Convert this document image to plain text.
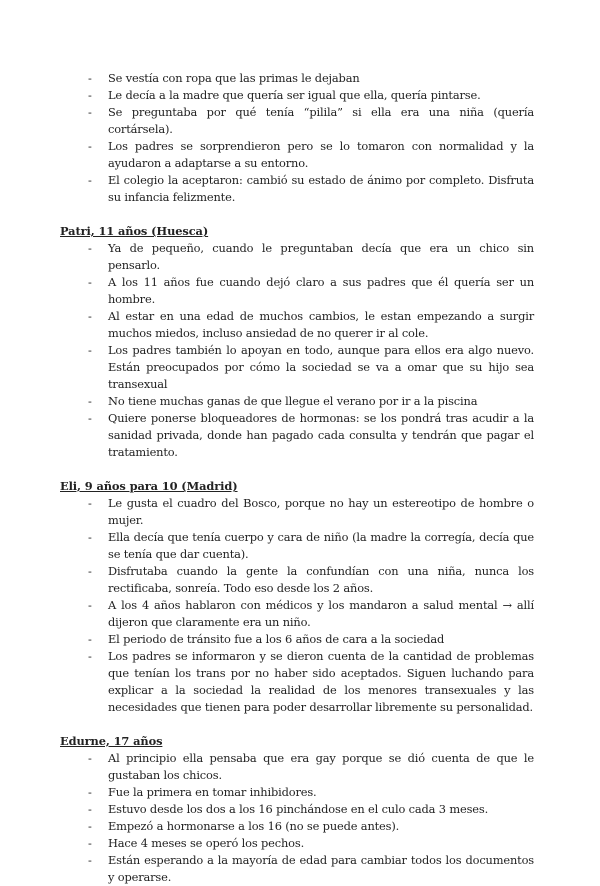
-	Se vestía con ropa que las primas le dejaban
-	Le decía a la madre que quería ser igual que ella, quería pintarse.
-	Se preguntaba por qué tenía “pilila” si ella era una niña (quería cortársela).
-	Los padres se sorprendieron pero se lo tomaron con normalidad y la ayudaron a adaptarse a su entorno.
-	El colegio la aceptaron: cambió su estado de ánimo por completo. Disfruta su infancia felizmente.

Patri, 11 años (Huesca)

-	Ya de pequeño, cuando le preguntaban decía que era un chico sin pensarlo.
-	A los 11 años fue cuando dejó claro a sus padres que él quería ser un hombre.
-	Al estar en una edad de muchos cambios, le estan empezando a surgir muchos miedos, incluso ansiedad de no querer ir al cole.
-	Los padres también lo apoyan en todo, aunque para ellos era algo nuevo. Están preocupados por cómo la sociedad se va a omar que su hijo sea transexual
-	No tiene muchas ganas de que llegue el verano por ir a la piscina
-	Quiere ponerse bloqueadores de hormonas: se los pondrá tras acudir a la sanidad privada, donde han pagado cada consulta y tendrán que pagar el tratamiento.

Eli, 9 años para 10 (Madrid)

-	Le gusta el cuadro del Bosco, porque no hay un estereotipo de hombre o mujer.
-	Ella decía que tenía cuerpo y cara de niño (la madre la corregía, decía que se tenía que dar cuenta).
-	Disfrutaba cuando la gente la confundían con una niña, nunca los rectificaba, sonreía. Todo eso desde los 2 años.
-	A los 4 años hablaron con médicos y los mandaron a salud mental → allí dijeron que claramente era un niño.
-	El periodo de tránsito fue a los 6 años de cara a la sociedad
-	Los padres se informaron y se dieron cuenta de la cantidad de problemas que tenían los trans por no haber sido aceptados. Siguen luchando para explicar a la sociedad la realidad de los menores transexuales y las necesidades que tienen para poder desarrollar libremente su personalidad.

Edurne, 17 años

-	Al principio ella pensaba que era gay porque se dió cuenta de que le gustaban los chicos.
-	Fue la primera en tomar inhibidores.
-	Estuvo desde los dos a los 16 pinchándose en el culo cada 3 meses.
-	Empezó a hormonarse a los 16 (no se puede antes).
-	Hace 4 meses se operó los pechos.
-	Están esperando a la mayoría de edad para cambiar todos los documentos y operarse.
